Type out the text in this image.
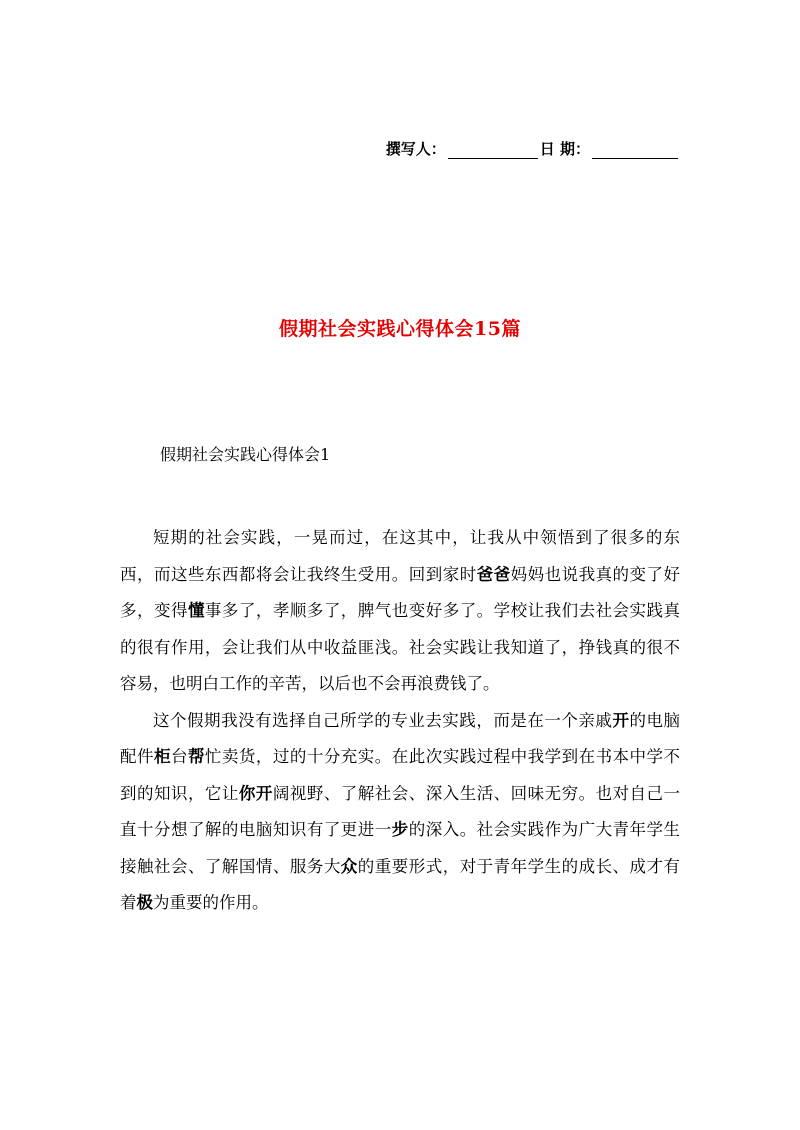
撰写人：	日 期：
假期社会实践心得体会15篇
假期社会实践心得体会1

短期的社会实践，一晃而过，在这其中，让我从中领悟到了很多的东西，而这些东西都将会让我终生受用。回到家时爸爸妈妈也说我真的变了好多，变得懂事多了，孝顺多了，脾气也变好多了。学校让我们去社会实践真的很有作用，会让我们从中收益匪浅。社会实践让我知道了，挣钱真的很不容易，也明白工作的辛苦，以后也不会再浪费钱了。

这个假期我没有选择自己所学的专业去实践，而是在一个亲戚开的电脑配件柜台帮忙卖货，过的十分充实。在此次实践过程中我学到在书本中学不到的知识，它让你开阔视野、了解社会、深入生活、回味无穷。也对自己一直十分想了解的电脑知识有了更进一步的深入。社会实践作为广大青年学生接触社会、了解国情、服务大众的重要形式，对于青年学生的成长、成才有着极为重要的作用。
